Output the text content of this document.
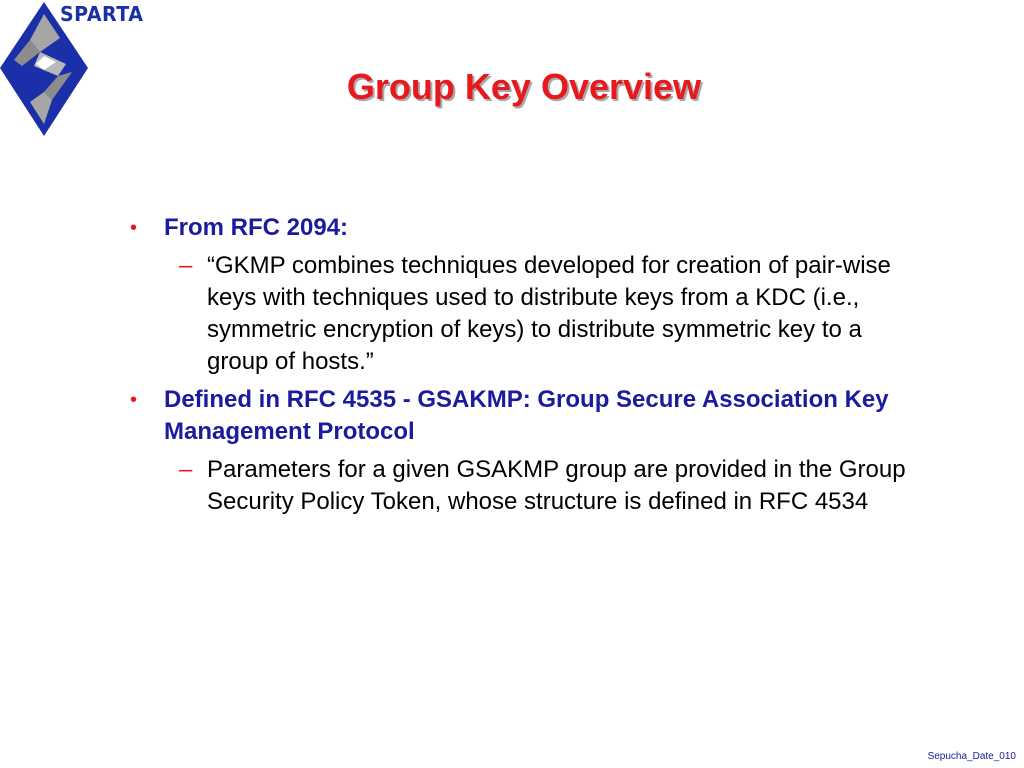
SPARTA
Group Key Overview
• From RFC 2094:
– “GKMP combines techniques developed for creation of pair-wise keys with techniques used to distribute keys from a KDC (i.e., symmetric encryption of keys) to distribute symmetric key to a group of hosts.”
• Defined in RFC 4535 - GSAKMP: Group Secure Association Key Management Protocol
– Parameters for a given GSAKMP group are provided in the Group Security Policy Token, whose structure is defined in RFC 4534
Sepucha_Date_010
